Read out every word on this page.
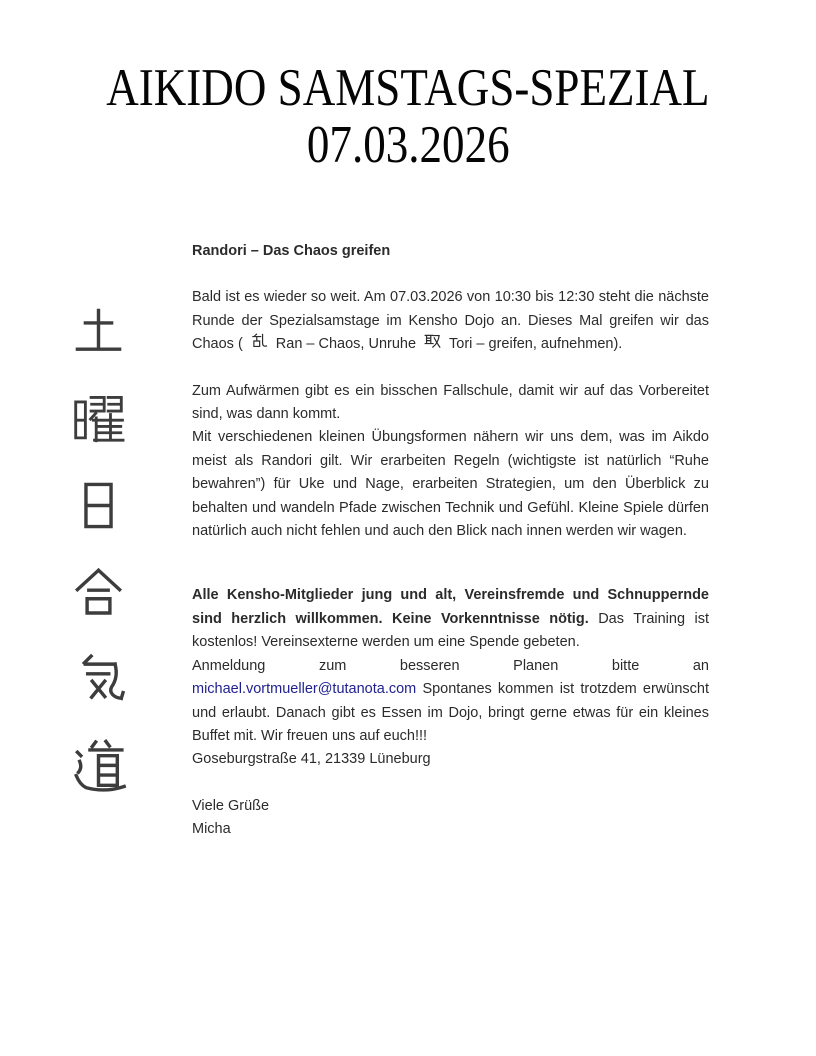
AIKIDO SAMSTAGS-SPEZIAL
07.03.2026
Randori – Das Chaos greifen
Bald ist es wieder so weit. Am 07.03.2026 von 10:30 bis 12:30 steht die nächste Runde der Spezialsamstage im Kensho Dojo an. Dieses Mal greifen wir das Chaos ( Ran – Chaos, Unruhe Tori – greifen, aufnehmen).
Zum Aufwärmen gibt es ein bisschen Fallschule, damit wir auf das Vorbereitet sind, was dann kommt.
Mit verschiedenen kleinen Übungsformen nähern wir uns dem, was im Aikdo meist als Randori gilt. Wir erarbeiten Regeln (wichtigste ist natürlich “Ruhe bewahren”) für Uke und Nage, erarbeiten Strategien, um den Überblick zu behalten und wandeln Pfade zwischen Technik und Gefühl. Kleine Spiele dürfen natürlich auch nicht fehlen und auch den Blick nach innen werden wir wagen.
Alle Kensho-Mitglieder jung und alt, Vereinsfremde und Schnuppernde sind herzlich willkommen. Keine Vorkenntnisse nötig. Das Training ist kostenlos! Vereinsexterne werden um eine Spende gebeten.
Anmeldung zum besseren Planen bitte an
michael.vortmueller@tutanota.com Spontanes kommen ist trotzdem erwünscht und erlaubt. Danach gibt es Essen im Dojo, bringt gerne etwas für ein kleines Buffet mit. Wir freuen uns auf euch!!!
Goseburgstraße 41, 21339 Lüneburg
Viele Grüße
Micha
